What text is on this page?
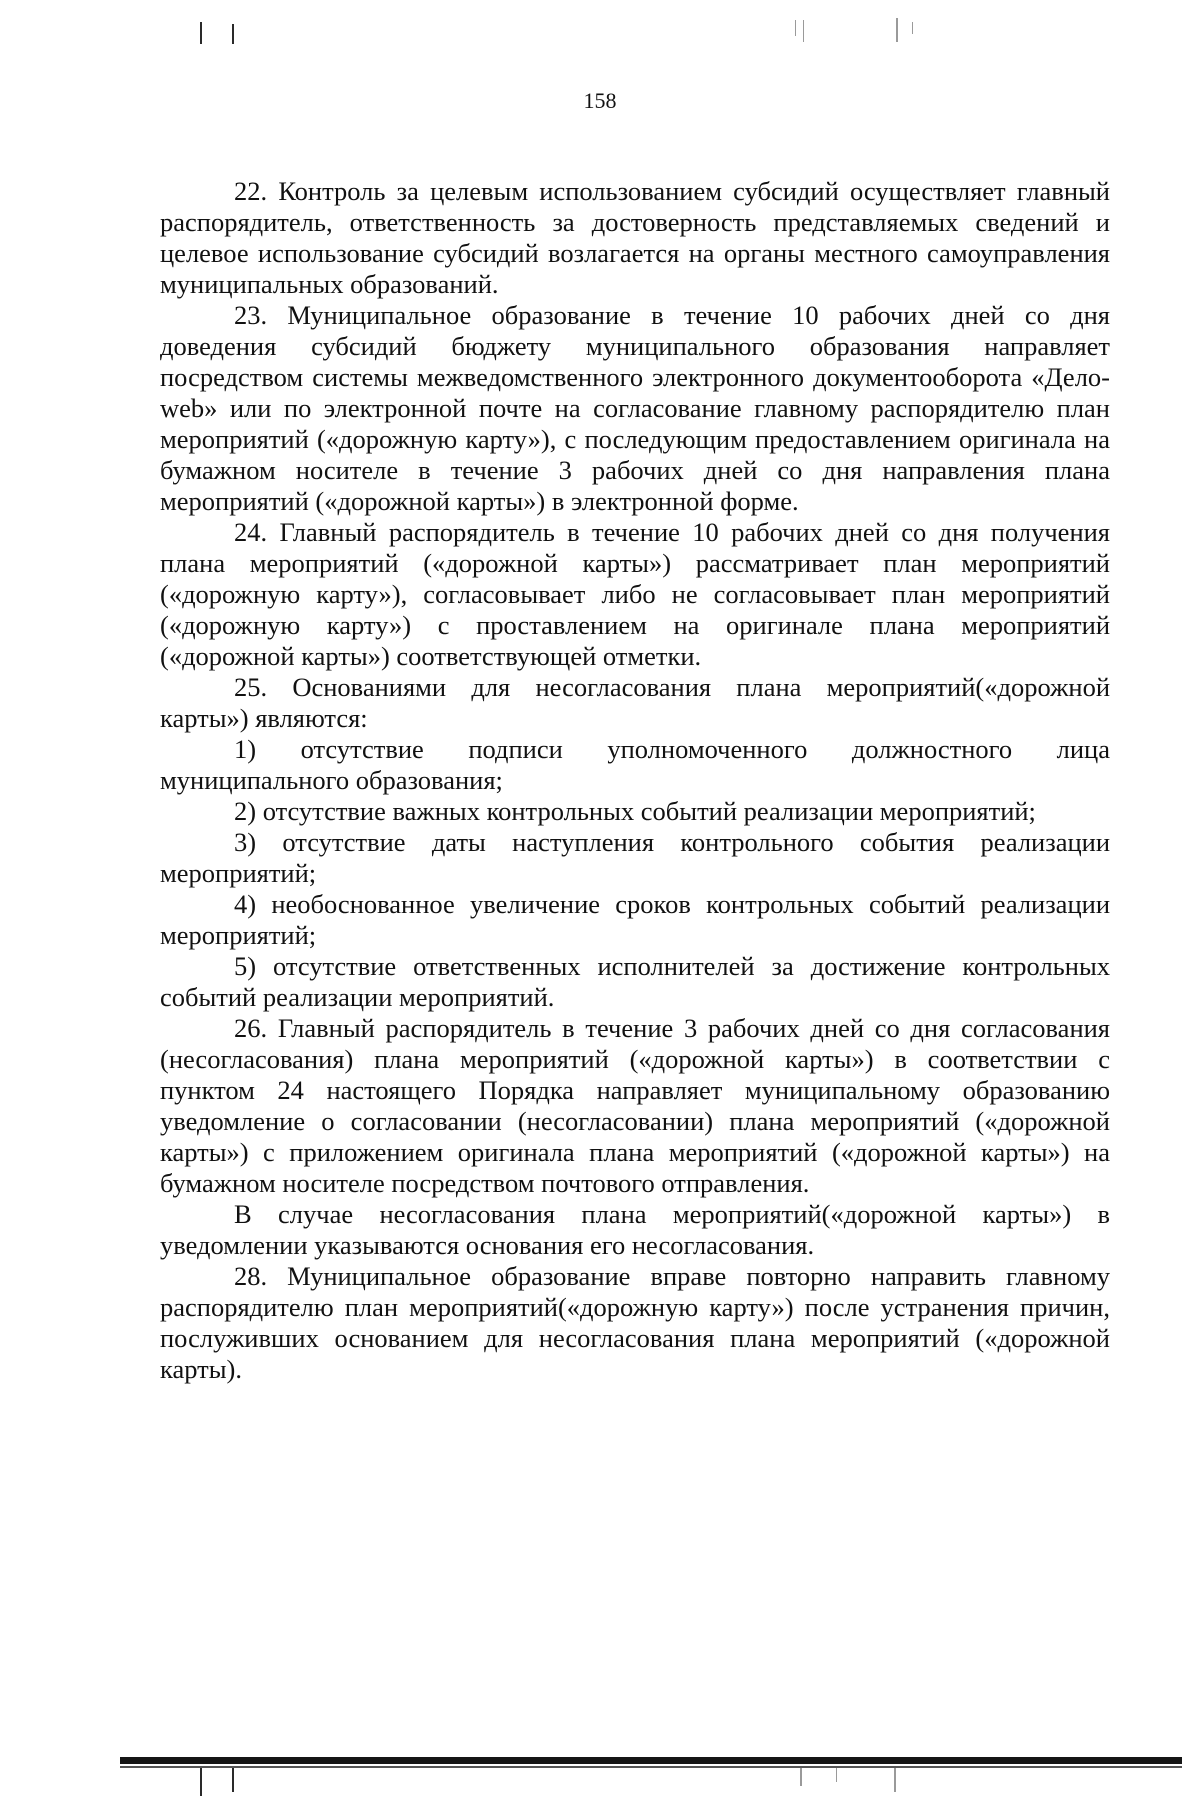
158

22. Контроль за целевым использованием субсидий осуществляет главный распорядитель, ответственность за достоверность представляемых сведений и целевое использование субсидий возлагается на органы местного самоуправления муниципальных образований.

23. Муниципальное образование в течение 10 рабочих дней со дня доведения субсидий бюджету муниципального образования направляет посредством системы межведомственного электронного документооборота «Дело-web» или по электронной почте на согласование главному распорядителю план мероприятий («дорожную карту»), с последующим предоставлением оригинала на бумажном носителе в течение 3 рабочих дней со дня направления плана мероприятий («дорожной карты») в электронной форме.

24. Главный распорядитель в течение 10 рабочих дней со дня получения плана мероприятий («дорожной карты») рассматривает план мероприятий («дорожную карту»), согласовывает либо не согласовывает план мероприятий («дорожную карту») с проставлением на оригинале плана мероприятий («дорожной карты») соответствующей отметки.

25. Основаниями для несогласования плана мероприятий(«дорожной карты») являются:

1) отсутствие подписи уполномоченного должностного лица муниципального образования;

2) отсутствие важных контрольных событий реализации мероприятий;

3) отсутствие даты наступления контрольного события реализации мероприятий;

4) необоснованное увеличение сроков контрольных событий реализации мероприятий;

5) отсутствие ответственных исполнителей за достижение контрольных событий реализации мероприятий.

26. Главный распорядитель в течение 3 рабочих дней со дня согласования (несогласования) плана мероприятий («дорожной карты») в соответствии с пунктом 24 настоящего Порядка направляет муниципальному образованию уведомление о согласовании (несогласовании) плана мероприятий («дорожной карты») с приложением оригинала плана мероприятий («дорожной карты») на бумажном носителе посредством почтового отправления.

В случае несогласования плана мероприятий(«дорожной карты») в уведомлении указываются основания его несогласования.

28. Муниципальное образование вправе повторно направить главному распорядителю план мероприятий(«дорожную карту») после устранения причин, послуживших основанием для несогласования плана мероприятий («дорожной карты).
